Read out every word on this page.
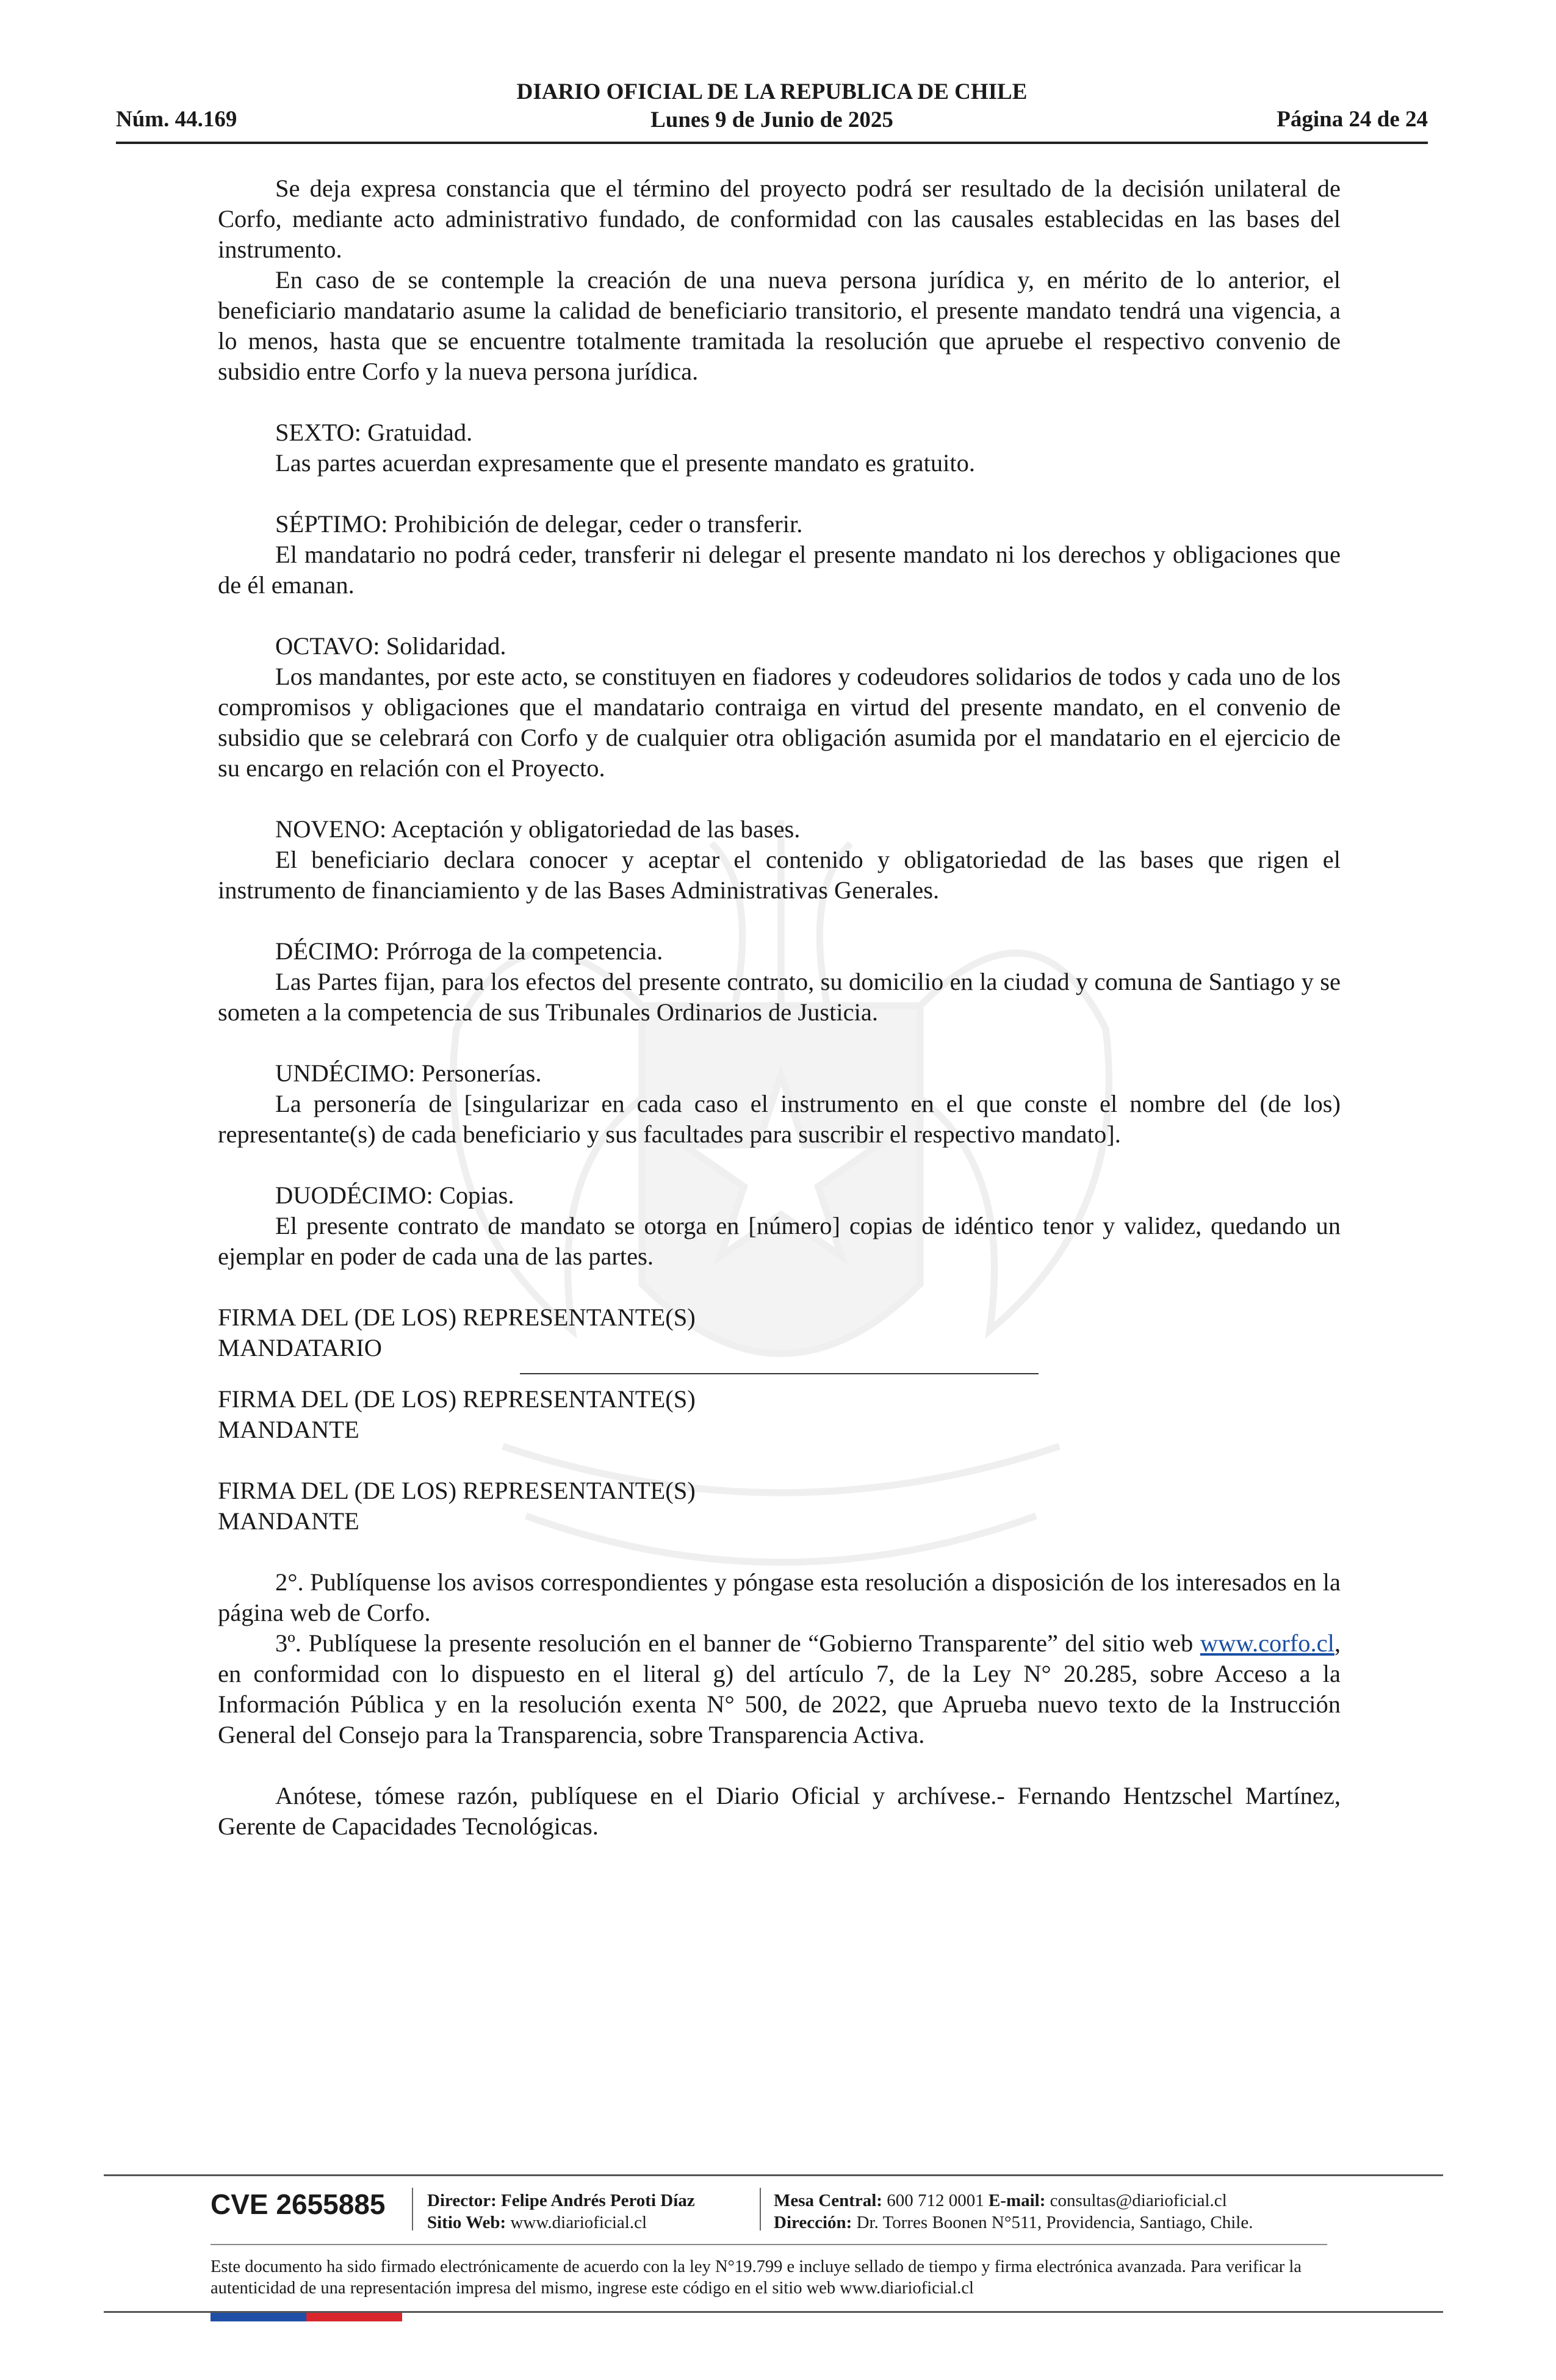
Núm. 44.169
DIARIO OFICIAL DE LA REPUBLICA DE CHILE
Lunes 9 de Junio de 2025	Página 24 de 24

Se deja expresa constancia que el término del proyecto podrá ser resultado de la decisión unilateral de Corfo, mediante acto administrativo fundado, de conformidad con las causales establecidas en las bases del instrumento.

En caso de se contemple la creación de una nueva persona jurídica y, en mérito de lo anterior, el beneficiario mandatario asume la calidad de beneficiario transitorio, el presente mandato tendrá una vigencia, a lo menos, hasta que se encuentre totalmente tramitada la resolución que apruebe el respectivo convenio de subsidio entre Corfo y la nueva persona jurídica.

SEXTO: Gratuidad.

Las partes acuerdan expresamente que el presente mandato es gratuito.

SÉPTIMO: Prohibición de delegar, ceder o transferir.

El mandatario no podrá ceder, transferir ni delegar el presente mandato ni los derechos y obligaciones que de él emanan.

OCTAVO: Solidaridad.

Los mandantes, por este acto, se constituyen en fiadores y codeudores solidarios de todos y cada uno de los compromisos y obligaciones que el mandatario contraiga en virtud del presente mandato, en el convenio de subsidio que se celebrará con Corfo y de cualquier otra obligación asumida por el mandatario en el ejercicio de su encargo en relación con el Proyecto.

NOVENO: Aceptación y obligatoriedad de las bases.

El beneficiario declara conocer y aceptar el contenido y obligatoriedad de las bases que rigen el instrumento de financiamiento y de las Bases Administrativas Generales.

DÉCIMO: Prórroga de la competencia.

Las Partes fijan, para los efectos del presente contrato, su domicilio en la ciudad y comuna de Santiago y se someten a la competencia de sus Tribunales Ordinarios de Justicia.

UNDÉCIMO: Personerías.

La personería de [singularizar en cada caso el instrumento en el que conste el nombre del (de los) representante(s) de cada beneficiario y sus facultades para suscribir el respectivo mandato].

DUODÉCIMO: Copias.

El presente contrato de mandato se otorga en [número] copias de idéntico tenor y validez, quedando un ejemplar en poder de cada una de las partes.

FIRMA DEL (DE LOS) REPRESENTANTE(S)

MANDATARIO

FIRMA DEL (DE LOS) REPRESENTANTE(S)

MANDANTE

FIRMA DEL (DE LOS) REPRESENTANTE(S)

MANDANTE

2°. Publíquense los avisos correspondientes y póngase esta resolución a disposición de los interesados en la página web de Corfo.

3º. Publíquese la presente resolución en el banner de “Gobierno Transparente” del sitio web www.corfo.cl, en conformidad con lo dispuesto en el literal g) del artículo 7, de la Ley N° 20.285, sobre Acceso a la Información Pública y en la resolución exenta N° 500, de 2022, que Aprueba nuevo texto de la Instrucción General del Consejo para la Transparencia, sobre Transparencia Activa.

Anótese, tómese razón, publíquese en el Diario Oficial y archívese.- Fernando Hentzschel Martínez, Gerente de Capacidades Tecnológicas.

CVE 2655885 Director: Felipe Andrés Peroti Díaz
Sitio Web: www.diarioficial.cl
Mesa Central: 600 712 0001 E-mail: consultas@diarioficial.cl
Dirección: Dr. Torres Boonen N°511, Providencia, Santiago, Chile.
Este documento ha sido firmado electrónicamente de acuerdo con la ley N°19.799 e incluye sellado de tiempo y firma electrónica avanzada. Para verificar la autenticidad de una representación impresa del mismo, ingrese este código en el sitio web www.diarioficial.cl
